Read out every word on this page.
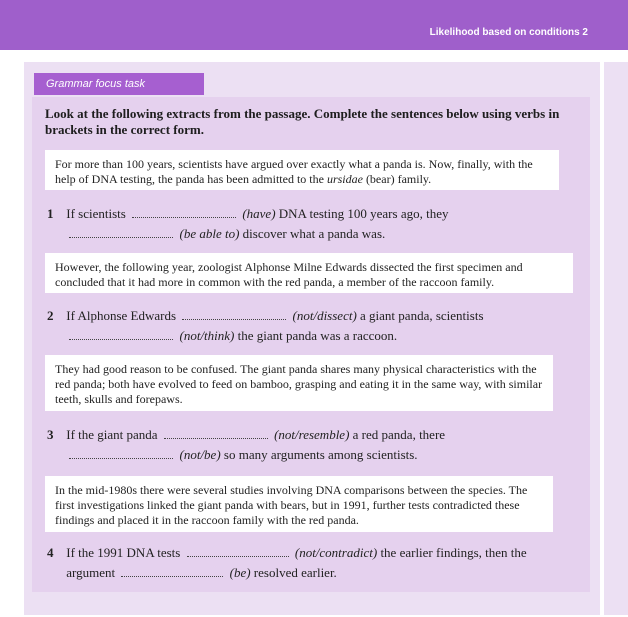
Likelihood based on conditions 2
Grammar focus task
Look at the following extracts from the passage. Complete the sentences below using verbs in brackets in the correct form.
For more than 100 years, scientists have argued over exactly what a panda is. Now, finally, with the help of DNA testing, the panda has been admitted to the ursidae (bear) family.
1 If scientists	(have) DNA testing 100 years ago, they
(be able to) discover what a panda was.
However, the following year, zoologist Alphonse Milne Edwards dissected the first specimen and concluded that it had more in common with the red panda, a member of the raccoon family.
2 If Alphonse Edwards	(not/dissect) a giant panda, scientists
(not/think) the giant panda was a raccoon.
They had good reason to be confused. The giant panda shares many physical characteristics with the red panda; both have evolved to feed on bamboo, grasping and eating it in the same way, with similar teeth, skulls and forepaws.
3 If the giant panda	(not/resemble) a red panda, there
(not/be) so many arguments among scientists.
In the mid-1980s there were several studies involving DNA comparisons between the species. The first investigations linked the giant panda with bears, but in 1991, further tests contradicted these findings and placed it in the raccoon family with the red panda.
4 If the 1991 DNA tests	(not/contradict) the earlier findings, then the
argument	(be) resolved earlier.
